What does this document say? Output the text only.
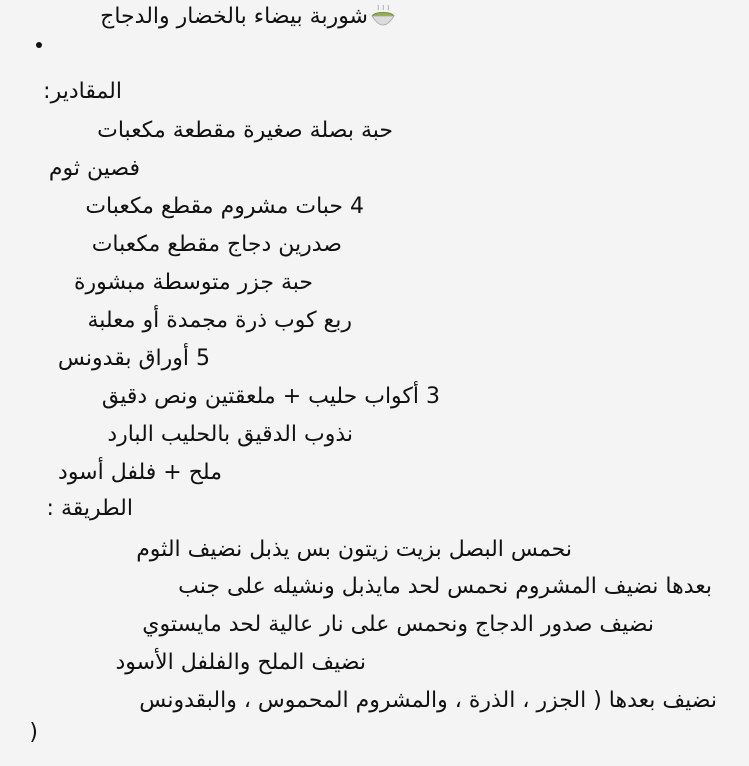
شوربة بيضاء بالخضار والدجاج
المقادير:
حبة بصلة صغيرة مقطعة مكعبات
فصين ثوم
4 حبات مشروم مقطع مكعبات
صدرين دجاج مقطع مكعبات
حبة جزر متوسطة مبشورة
ربع كوب ذرة مجمدة أو معلبة
5 أوراق بقدونس
3 أكواب حليب + ملعقتين ونص دقيق
نذوب الدقيق بالحليب البارد
ملح + فلفل أسود
الطريقة :
نحمس البصل بزيت زيتون بس يذبل نضيف الثوم
بعدها نضيف المشروم نحمس لحد مايذبل ونشيله على جنب
نضيف صدور الدجاج ونحمس على نار عالية لحد مايستوي
نضيف الملح والفلفل الأسود
نضيف بعدها ( الجزر ، الذرة ، والمشروم المحموس ، والبقدونس
)
